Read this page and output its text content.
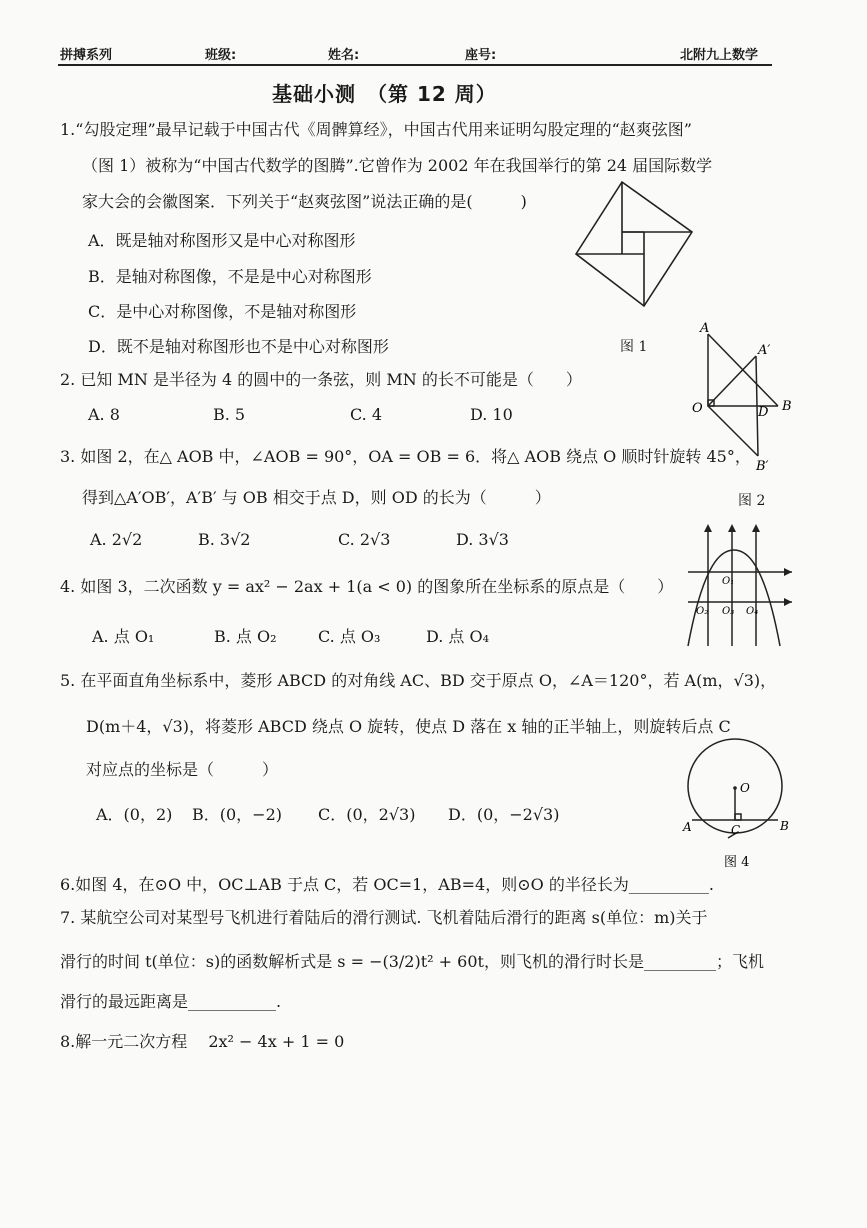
拼搏系列	班级:	姓名:	座号:	北附九上数学
基础小测　（第 12 周）
1.“勾股定理”最早记载于中国古代《周髀算经》，中国古代用来证明勾股定理的“赵爽弦图”
（图 1）被称为“中国古代数学的图腾”.它曾作为 2002 年在我国举行的第 24 届国际数学
家大会的会徽图案．下列关于“赵爽弦图”说法正确的是(　　　)
A．既是轴对称图形又是中心对称图形
B．是轴对称图像，不是是中心对称图形
C．是中心对称图像，不是轴对称图形
D．既不是轴对称图形也不是中心对称图形	图 1
2. 已知 MN 是半径为 4 的圆中的一条弦，则 MN 的长不可能是（　　）
A. 8	B. 5	C. 4	D. 10
A
A′
O	D B
B′
3. 如图 2，在△ AOB 中，∠AOB = 90°，OA = OB = 6．将△ AOB 绕点 O 顺时针旋转 45°，
得到△A′OB′，A′B′ 与 OB 相交于点 D，则 OD 的长为（　　　）	图 2
A. 2√2	B. 3√2	C. 2√3	D. 3√3
4. 如图 3，二次函数 y = ax² − 2ax + 1(a < 0) 的图象所在坐标系的原点是（　　）
A. 点 O₁	B. 点 O₂	C. 点 O₃	D. 点 O₄
O₁
O₂ O₃ O₄
5. 在平面直角坐标系中，菱形 ABCD 的对角线 AC、BD 交于原点 O，∠A＝120°，若 A(m，√3)，
D(m＋4，√3)，将菱形 ABCD 绕点 O 旋转，使点 D 落在 x 轴的正半轴上，则旋转后点 C
对应点的坐标是（　　　）
A．(0，2) B．(0，−2) C．(0，2√3) D．(0，−2√3)
O
A	C	B
图 4
6.如图 4，在⊙O 中，OC⊥AB 于点 C，若 OC=1，AB=4，则⊙O 的半径长为__________.
7. 某航空公司对某型号飞机进行着陆后的滑行测试. 飞机着陆后滑行的距离 s(单位：m)关于
滑行的时间 t(单位：s)的函数解析式是 s = −(3/2)t² + 60t，则飞机的滑行时长是_________；飞机
滑行的最远距离是___________.
8.解一元二次方程　 2x² − 4x + 1 = 0
